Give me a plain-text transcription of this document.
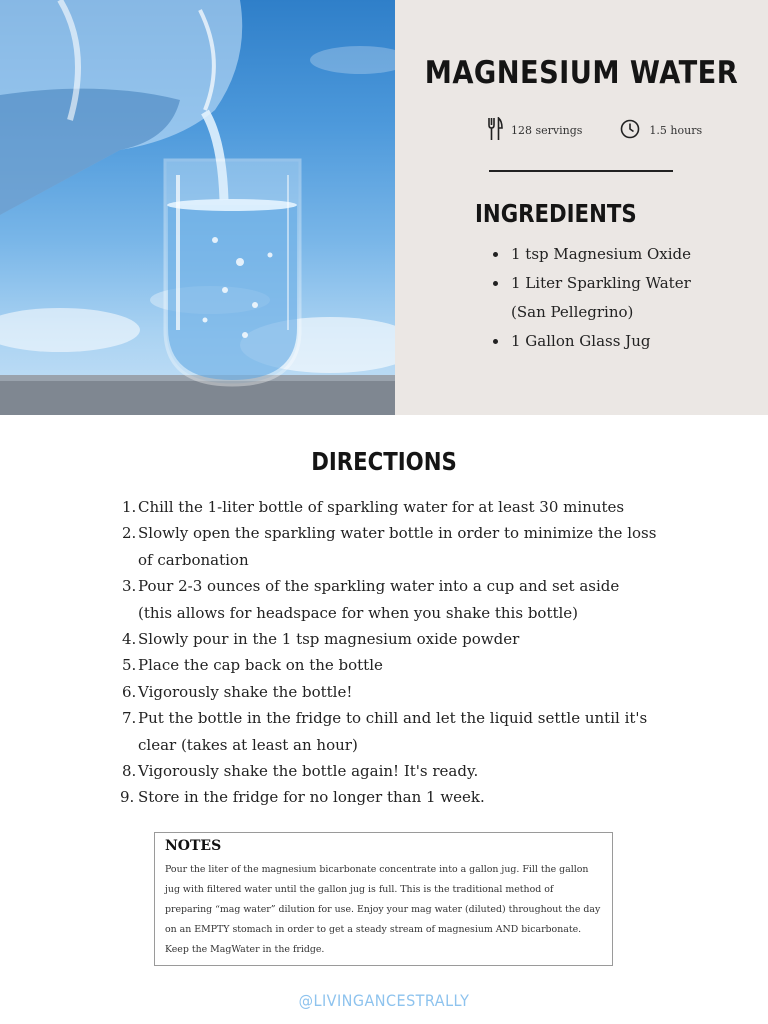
MAGNESIUM WATER
128 servings	1.5 hours
INGREDIENTS
• 1 tsp Magnesium Oxide
• 1 Liter Sparkling Water (San Pellegrino)
• 1 Gallon Glass Jug
DIRECTIONS
1. Chill the 1-liter bottle of sparkling water for at least 30 minutes
2. Slowly open the sparkling water bottle in order to minimize the loss of carbonation
3. Pour 2-3 ounces of the sparkling water into a cup and set aside (this allows for headspace for when you shake this bottle)
4. Slowly pour in the 1 tsp magnesium oxide powder
5. Place the cap back on the bottle
6. Vigorously shake the bottle!
7. Put the bottle in the fridge to chill and let the liquid settle until it's clear (takes at least an hour)
8. Vigorously shake the bottle again! It's ready.
9. Store in the fridge for no longer than 1 week.

NOTES

Pour the liter of the magnesium bicarbonate concentrate into a gallon jug. Fill the gallon jug with filtered water until the gallon jug is full. This is the traditional method of preparing “mag water” dilution for use. Enjoy your mag water (diluted) throughout the day on an EMPTY stomach in order to get a steady stream of magnesium AND bicarbonate. Keep the MagWater in the fridge.

@LIVINGANCESTRALLY
